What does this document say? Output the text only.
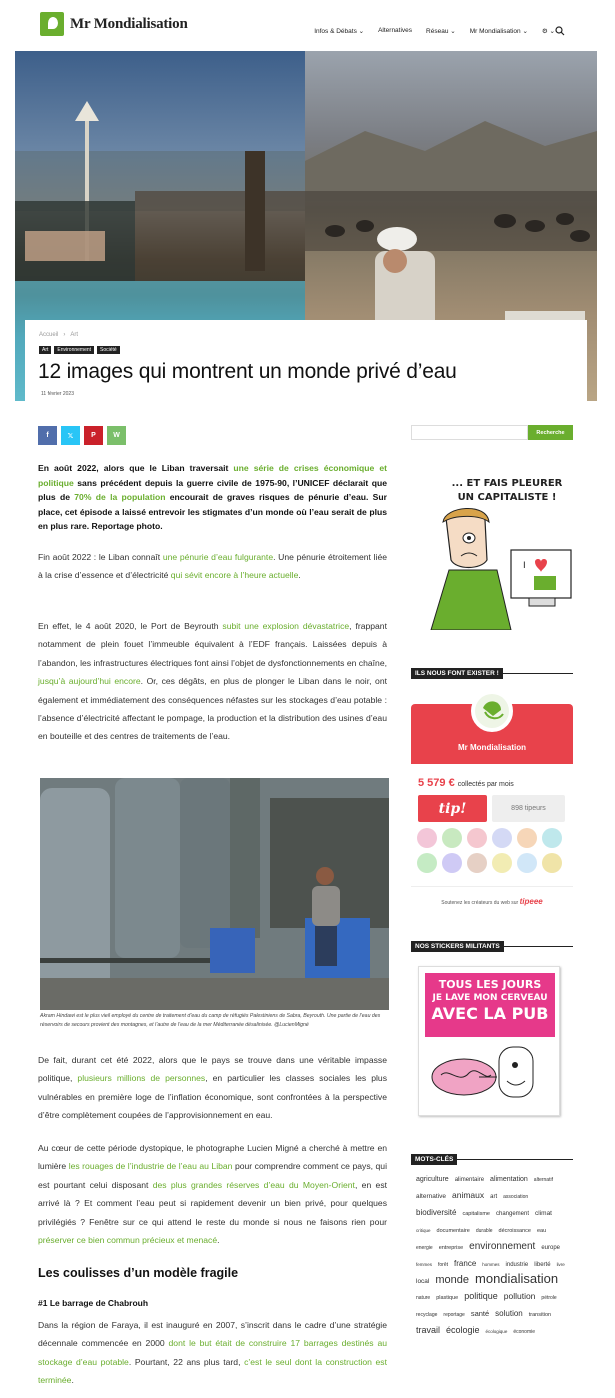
Mr Mondialisation	Infos & Débats ⌄ Alternatives Réseau ⌄ Mr Mondialisation ⌄ ⚙ ⌄
Accueil › Art
Art	Environnement	Société
12 images qui montrent un monde privé d’eau
11 février 2023
f	𝕏	P	W

En août 2022, alors que le Liban traversait une série de crises économique et politique sans précédent depuis la guerre civile de 1975-90, l’UNICEF déclarait que plus de 70% de la population encourait de graves risques de pénurie d’eau. Sur place, cet épisode a laissé entrevoir les stigmates d’un monde où l’eau serait de plus en plus rare. Reportage photo.

Fin août 2022 : le Liban connaît une pénurie d’eau fulgurante. Une pénurie étroitement liée à la crise d’essence et d’électricité qui sévit encore à l’heure actuelle.

En effet, le 4 août 2020, le Port de Beyrouth subit une explosion dévastatrice, frappant notamment de plein fouet l’immeuble équivalent à l’EDF français. Laissées depuis à l’abandon, les infrastructures électriques font ainsi l’objet de dysfonctionnements en chaîne, jusqu’à aujourd’hui encore. Or, ces dégâts, en plus de plonger le Liban dans le noir, ont également et immédiatement des conséquences néfastes sur les stockages d’eau potable : l’absence d’électricité affectant le pompage, la production et la distribution des usines d’eau en bouteille et des centres de traitements de l’eau.

Akram Hindawi est le plus vieil employé du centre de traitement d’eau du camp de réfugiés Palestiniens de Sabra, Beyrouth. Une partie de l’eau des réservoirs de secours provient des montagnes, et l’autre de l’eau de la mer Méditerranée désalinisée. @LucienMigné

De fait, durant cet été 2022, alors que le pays se trouve dans une véritable impasse politique, plusieurs millions de personnes, en particulier les classes sociales les plus vulnérables en première loge de l’inflation économique, sont confrontées à la perspective d’être complètement coupées de l’approvisionnement en eau.

Au cœur de cette période dystopique, le photographe Lucien Migné a cherché à mettre en lumière les rouages de l’industrie de l’eau au Liban pour comprendre comment ce pays, qui est pourtant celui disposant des plus grandes réserves d’eau du Moyen-Orient, en est arrivé là ? Et comment l’eau peut si rapidement devenir un bien privé, pour quelques privilégiés ? Fenêtre sur ce qui attend le reste du monde si nous ne faisons rien pour préserver ce bien commun précieux et menacé.

Les coulisses d’un modèle fragile
#1 Le barrage de Chabrouh

Dans la région de Faraya, il est inauguré en 2007, s’inscrit dans le cadre d’une stratégie décennale commencée en 2000 dont le but était de construire 17 barrages destinés au stockage d’eau potable. Pourtant, 22 ans plus tard, c’est le seul dont la construction est terminée.

Recherche
... ET FAIS PLEURER
UN CAPITALISTE !
I
ILS NOUS FONT EXISTER !
Mr Mondialisation
5 579 € collectés par mois
tip!	898 tipeurs
Soutenez les créateurs du web sur tipeee
NOS STICKERS MILITANTS
TOUS LES JOURS
JE LAVE MON CERVEAU
AVEC LA PUB
MOTS-CLÉS
agriculture alimentaire alimentation alternatifalternative animaux art associationbiodiversité capitalisme changement climatcritique documentaire durable décroissance eauenergie entreprise environnement europefemmes forêt france hommes industrie liberté livrelocal monde mondialisationnature plastique politique pollution pétrolerecyclage reportage santé solution transitiontravail écologie écologique économie
